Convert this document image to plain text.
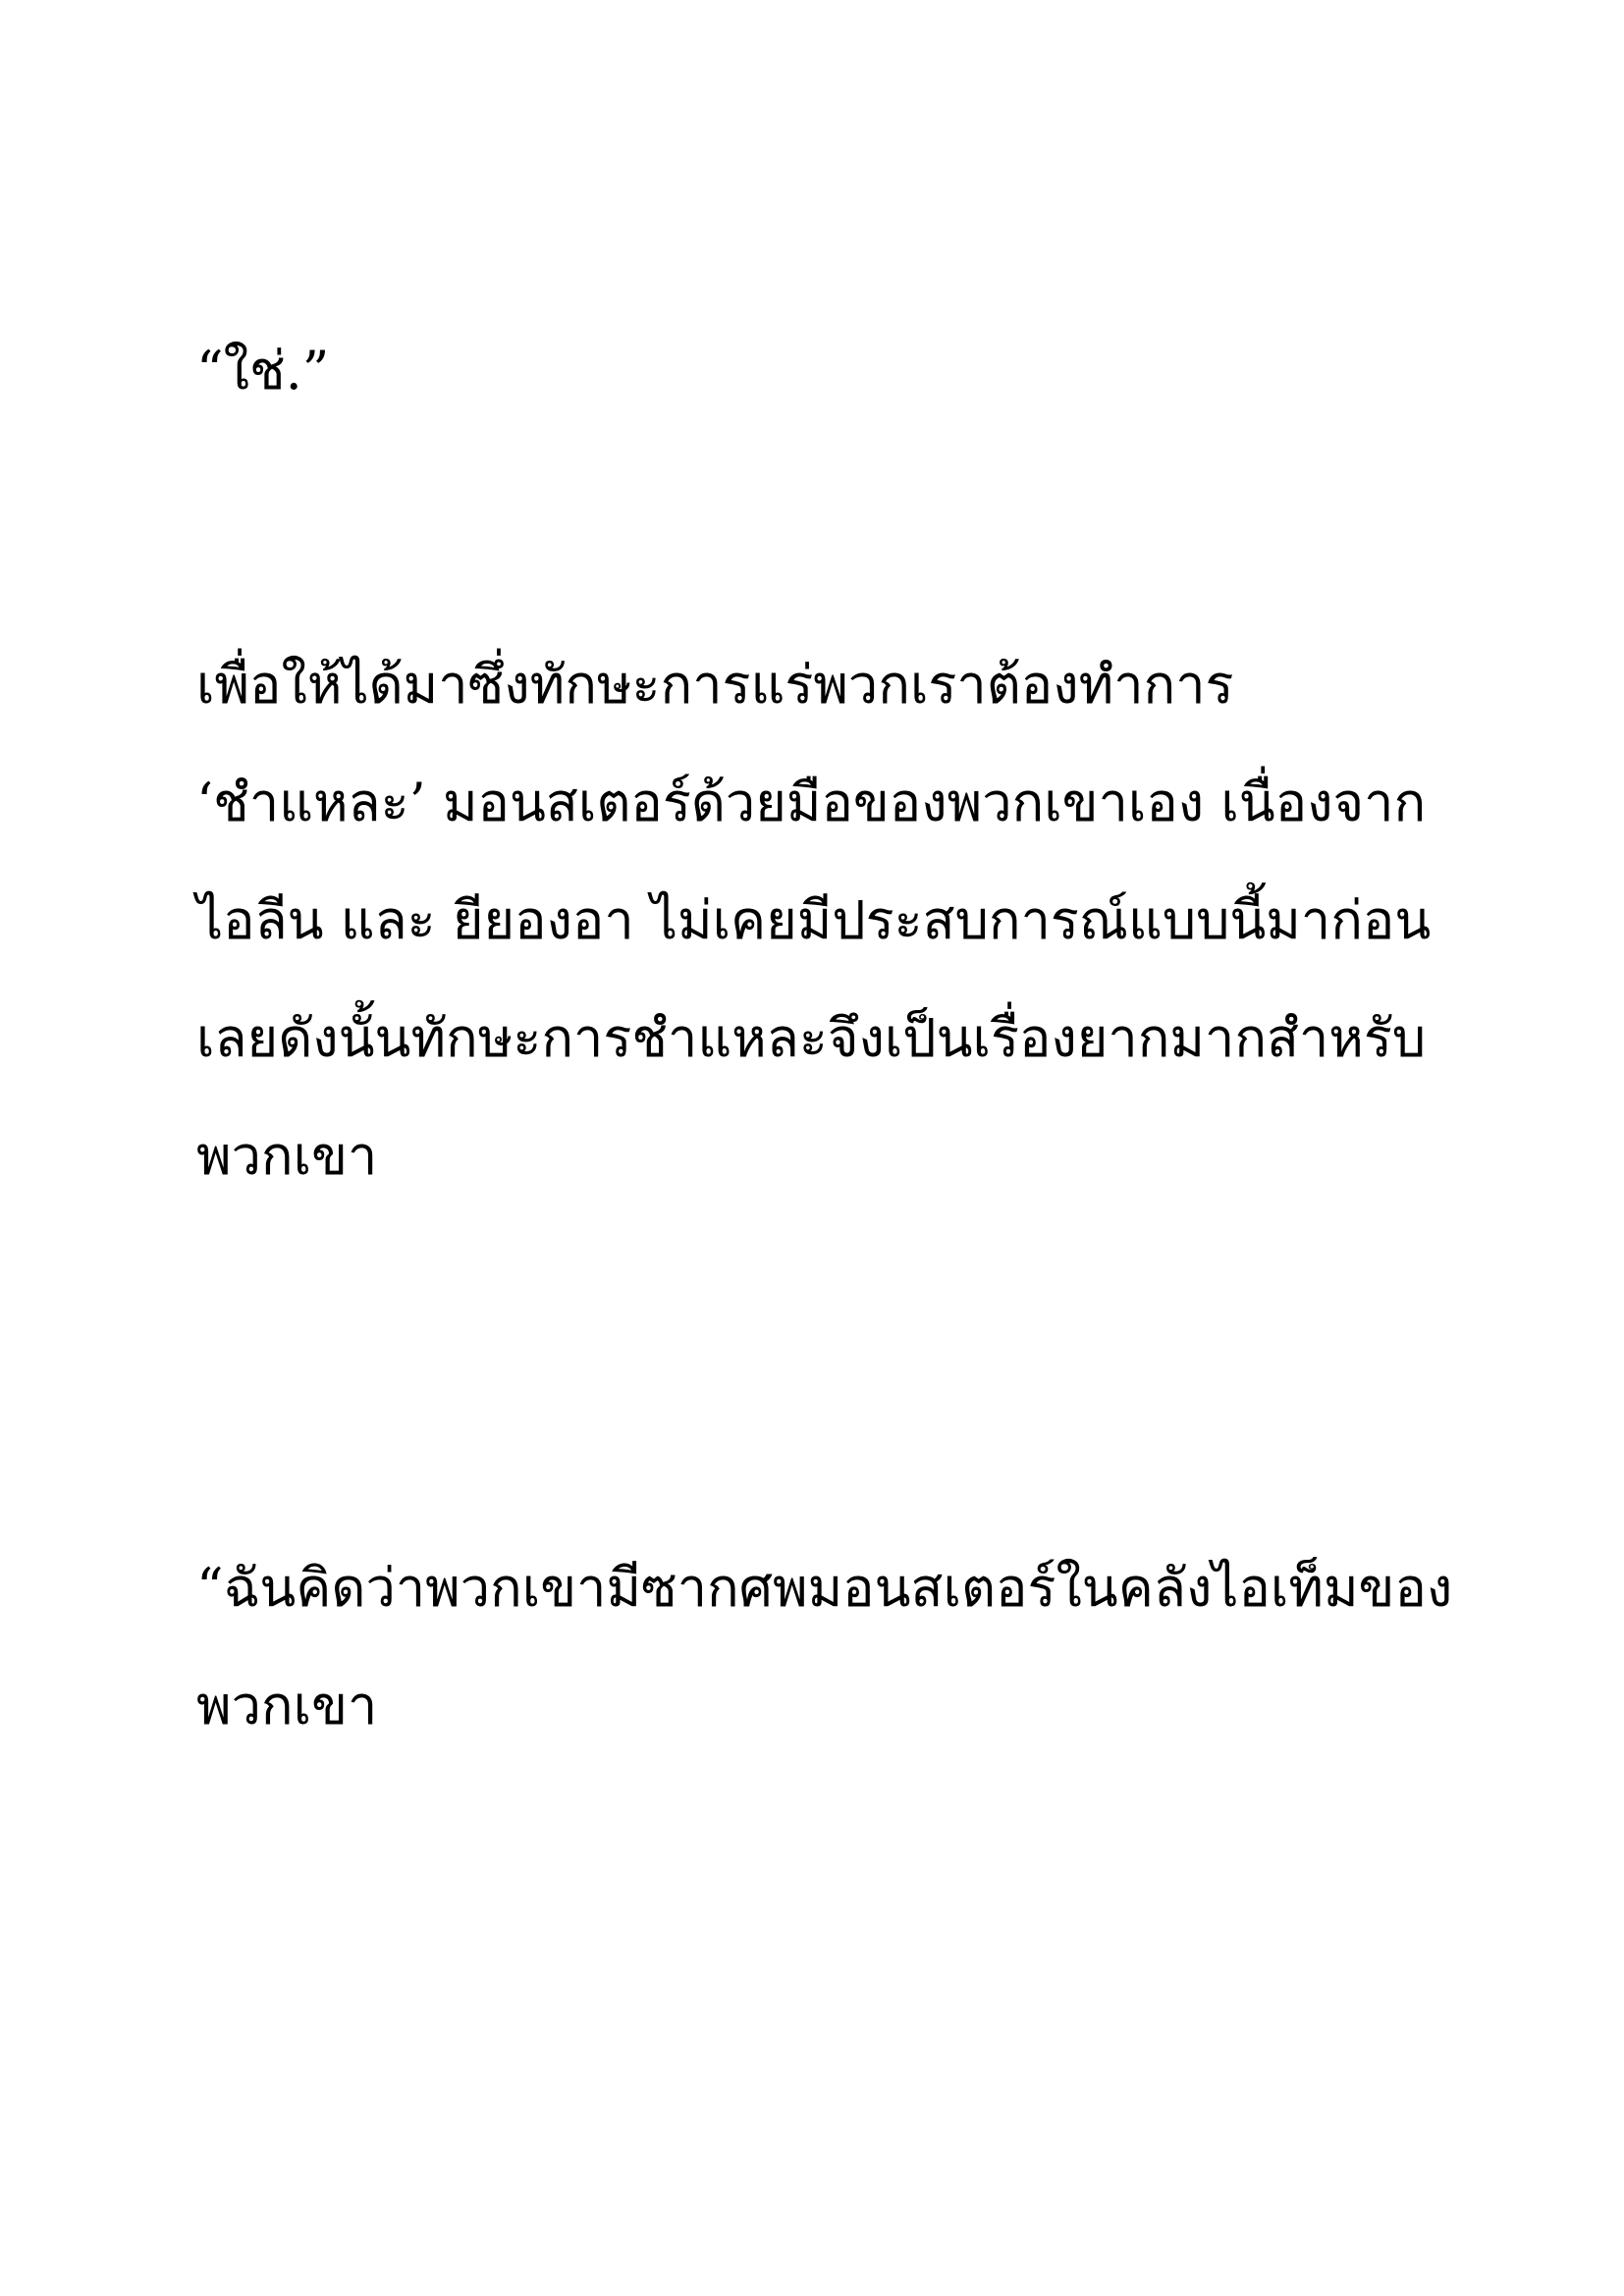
“ใช่.”

เพื่อให้ได้มาซึ่งทักษะการแร่พวกเราต้องทำการ

‘ชำแหละ’ มอนสเตอร์ด้วยมือของพวกเขาเอง เนื่องจาก

ไอลีน และ ยียองอา ไม่เคยมีประสบการณ์แบบนี้มาก่อน

เลยดังนั้นทักษะการชำแหละจึงเป็นเรื่องยากมากสำหรับ

พวกเขา

“ฉันคิดว่าพวกเขามีซากศพมอนสเตอร์ในคลังไอเท็มของ

พวกเขา
